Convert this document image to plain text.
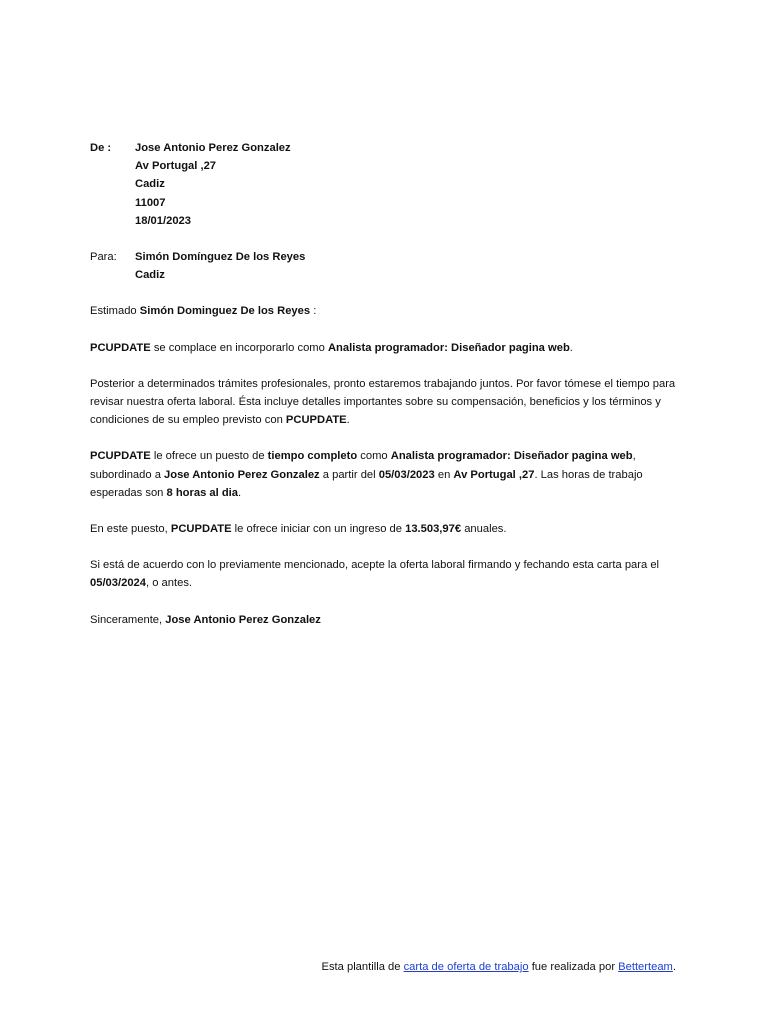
De :	Jose Antonio Perez Gonzalez
Av Portugal ,27
Cadiz
11007
18/01/2023
Para:	Simón Domínguez De los Reyes
Cadiz

Estimado Simón Dominguez De los Reyes :

PCUPDATE se complace en incorporarlo como Analista programador: Diseñador pagina web.

Posterior a determinados trámites profesionales, pronto estaremos trabajando juntos. Por favor tómese el tiempo para revisar nuestra oferta laboral. Ésta incluye detalles importantes sobre su compensación, beneficios y los términos y condiciones de su empleo previsto con PCUPDATE.

PCUPDATE le ofrece un puesto de tiempo completo como Analista programador: Diseñador pagina web, subordinado a Jose Antonio Perez Gonzalez a partir del 05/03/2023 en Av Portugal ,27. Las horas de trabajo esperadas son 8 horas al dia.

En este puesto, PCUPDATE le ofrece iniciar con un ingreso de 13.503,97€ anuales.

Si está de acuerdo con lo previamente mencionado, acepte la oferta laboral firmando y fechando esta carta para el 05/03/2024, o antes.

Sinceramente, Jose Antonio Perez Gonzalez

Esta plantilla de carta de oferta de trabajo fue realizada por Betterteam.
